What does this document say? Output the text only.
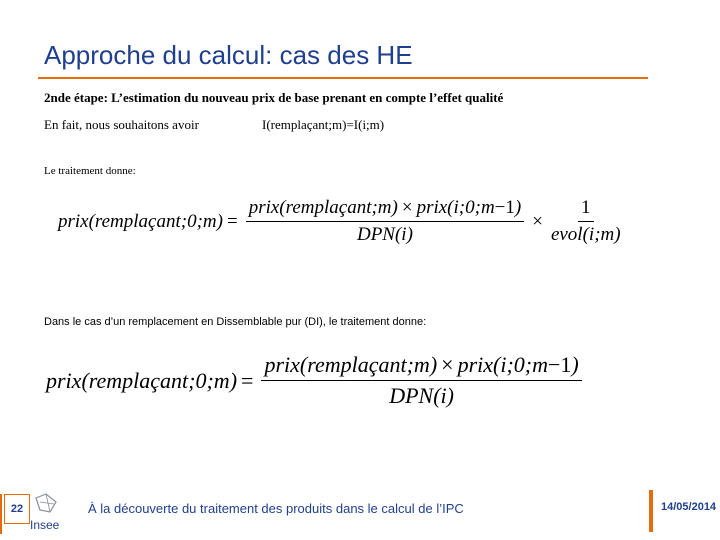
Approche du calcul: cas des HE
2nde étape: L’estimation du nouveau prix de base prenant en compte l’effet qualité
En fait, nous souhaitons avoir	I(remplaçant;m)=I(i;m)
Le traitement donne:
prix(remplaçant;0;m) = $\frac{\text{prix(remplaçant;m) × prix(i;0;m−1)}}{\text{DPN(i)}} \times \frac{1}{\text{evol(i;m)}}$
Dans le cas d’un remplacement en Dissemblable pur (DI), le traitement donne:
prix(remplaçant;0;m) = $\frac{\text{prix(remplaçant;m) × prix(i;0;m−1)}}{\text{DPN(i)}}$
22
Insee
À la découverte du traitement des produits dans le calcul de l’IPC	14/05/2014
